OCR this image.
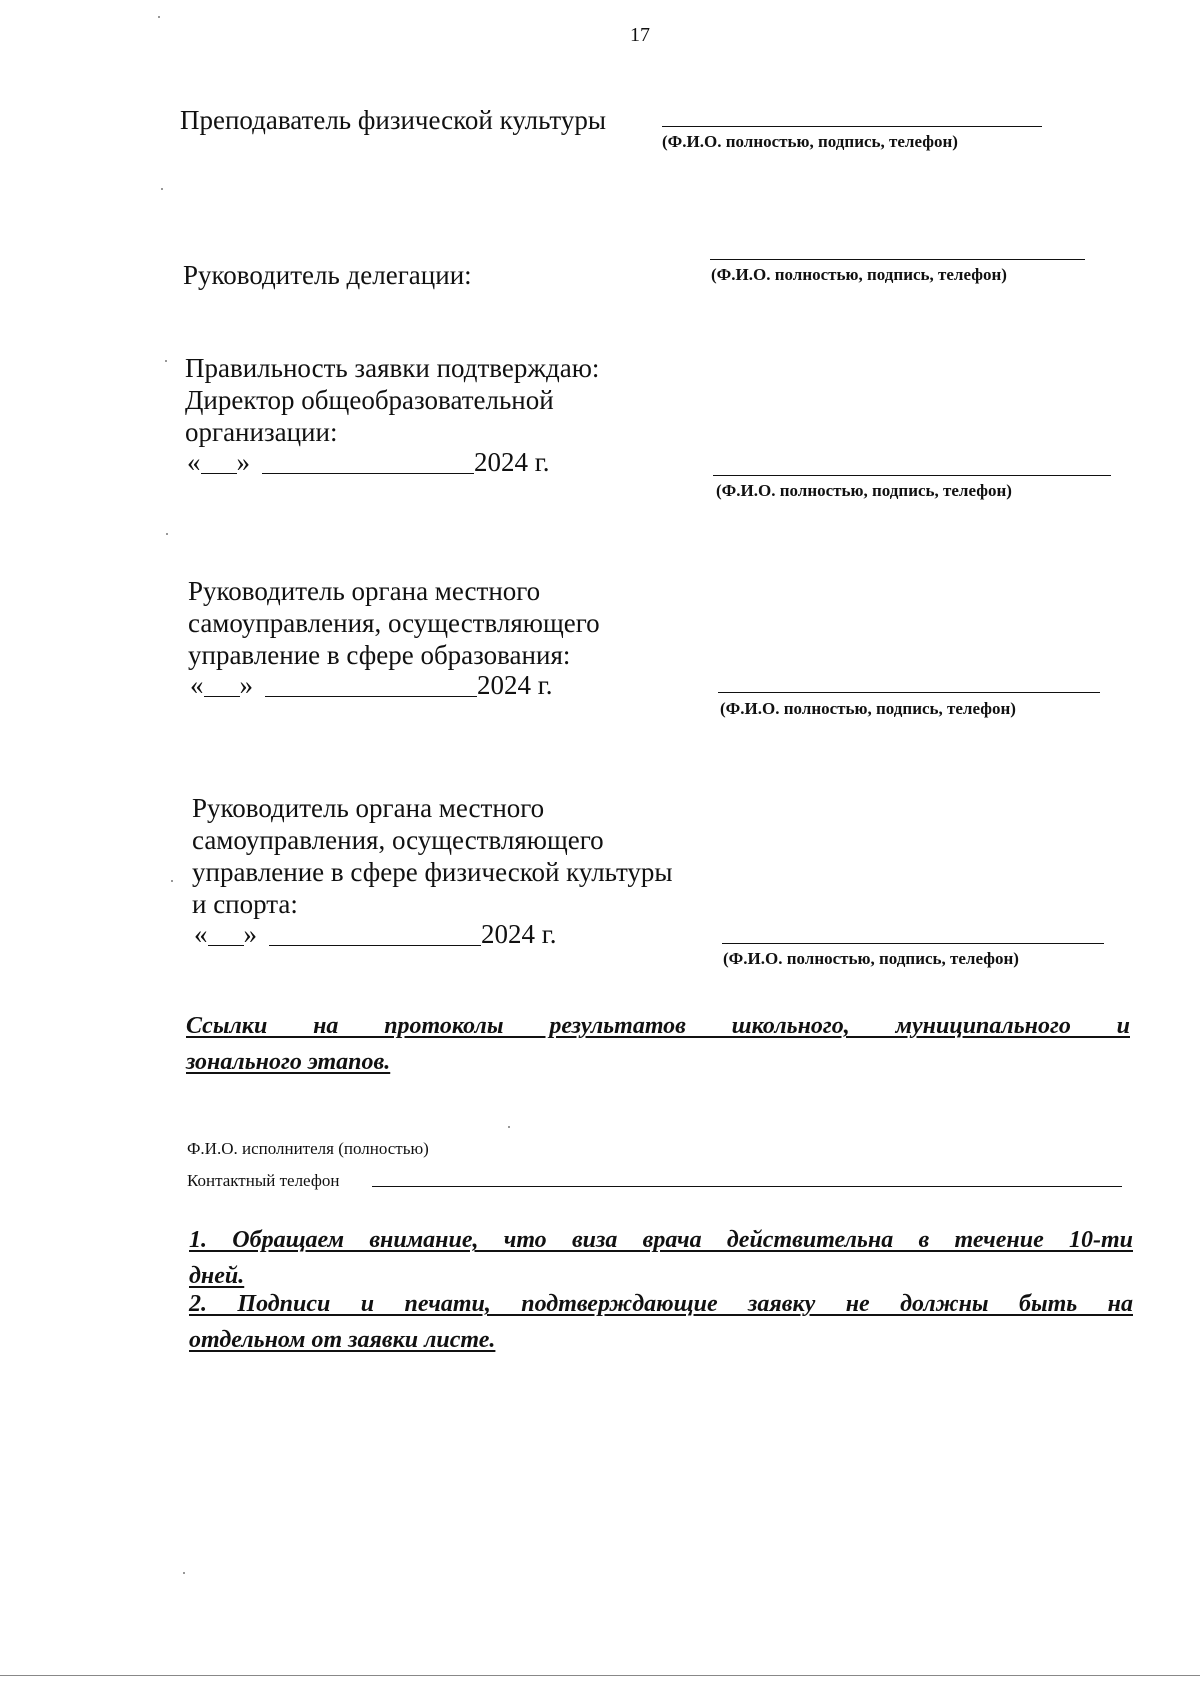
17
Преподаватель физической культуры
(Ф.И.О. полностью, подпись, телефон)
Руководитель делегации:	(Ф.И.О. полностью, подпись, телефон)
Правильность заявки подтверждаю:
Директор общеобразовательной
организации:
« »	2024 г.
(Ф.И.О. полностью, подпись, телефон)
Руководитель органа местного
самоуправления, осуществляющего
управление в сфере образования:
« »	2024 г.
(Ф.И.О. полностью, подпись, телефон)
Руководитель органа местного
самоуправления, осуществляющего
управление в сфере физической культуры
и спорта:
« »	2024 г.
(Ф.И.О. полностью, подпись, телефон)
Ссылки на протоколы результатов школьного, муниципального и
зонального этапов.
Ф.И.О. исполнителя (полностью)
Контактный телефон
1. Обращаем внимание, что виза врача действительна в течение 10-ти
дней.
2. Подписи и печати, подтверждающие заявку не должны быть на
отдельном от заявки листе.
